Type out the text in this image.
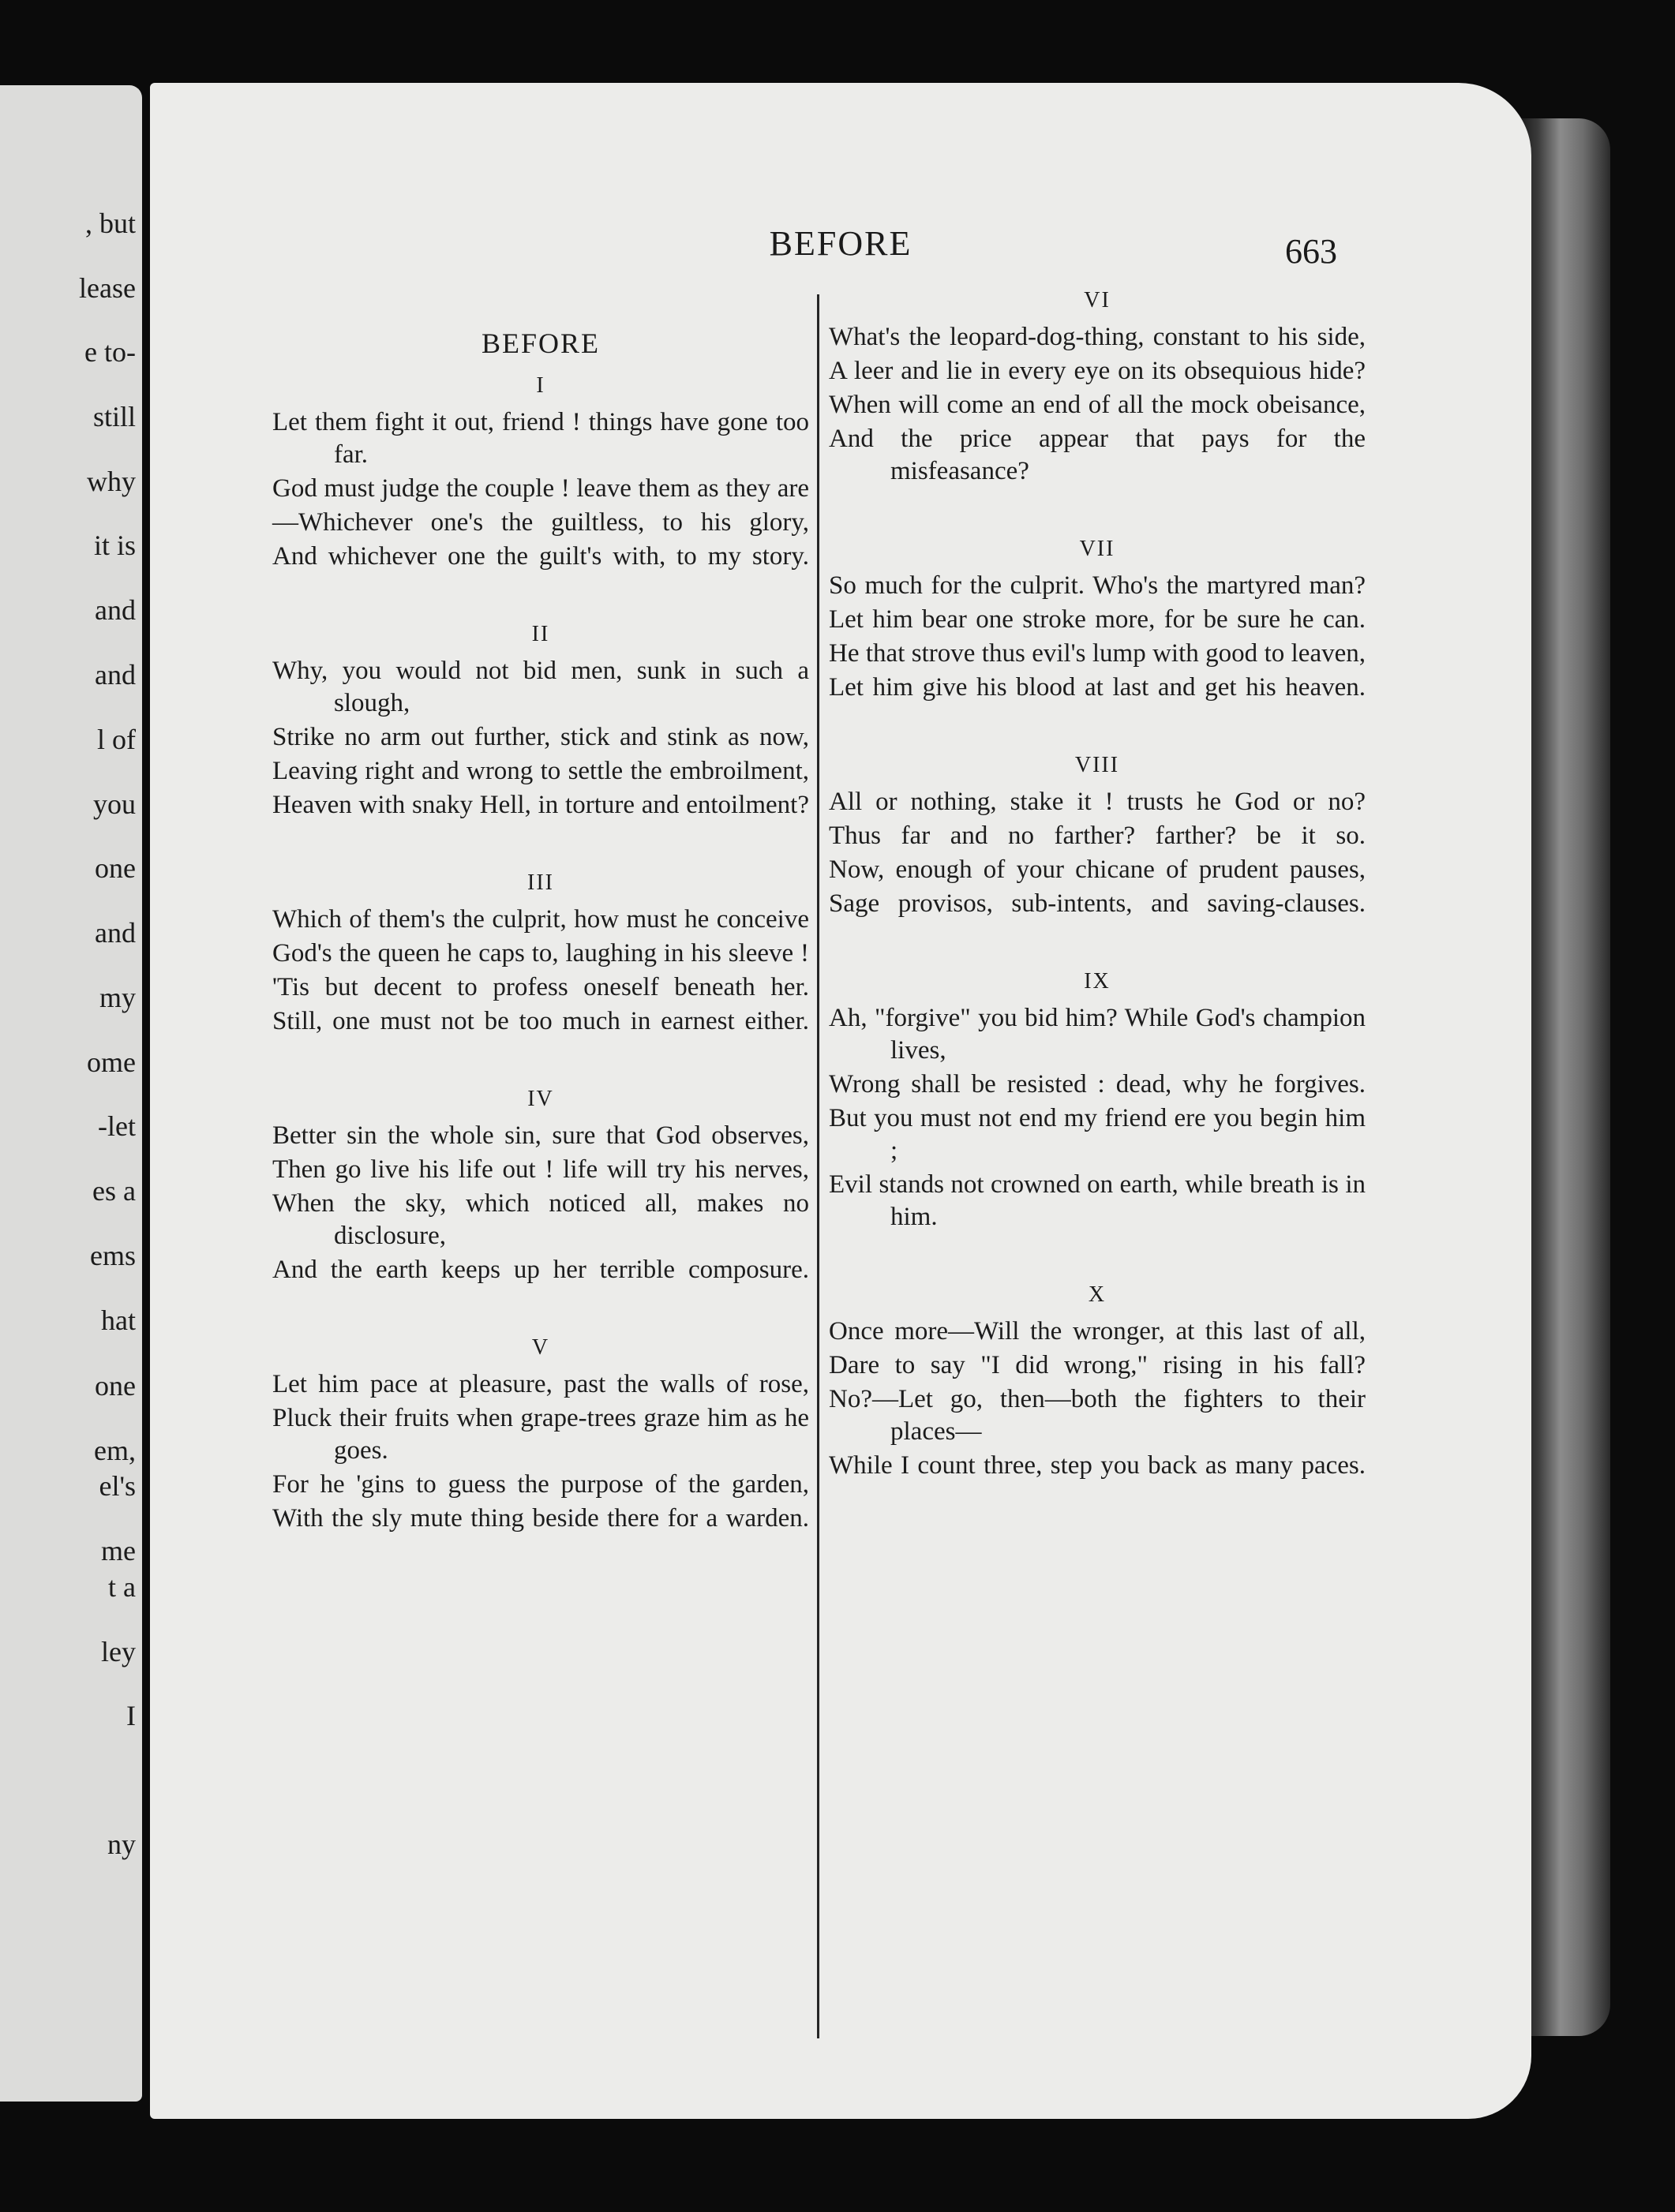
, but
lease
e to-
still
why
it is
and
and
l of
you
one
and
my
ome
-let
es a
ems
hat
one
em,
el's
me
t a
ley
I
ny
BEFORE	663
BEFORE
I
Let them fight it out, friend ! things have gone too far.
God must judge the couple ! leave them as they are
—Whichever one's the guiltless, to his glory,
And whichever one the guilt's with, to my story.
II
Why, you would not bid men, sunk in such a slough,
Strike no arm out further, stick and stink as now,
Leaving right and wrong to settle the embroilment,
Heaven with snaky Hell, in torture and entoilment?
III
Which of them's the culprit, how must he conceive
God's the queen he caps to, laughing in his sleeve !
'Tis but decent to profess oneself beneath her.
Still, one must not be too much in earnest either.
IV
Better sin the whole sin, sure that God observes,
Then go live his life out ! life will try his nerves,
When the sky, which noticed all, makes no disclosure,
And the earth keeps up her terrible composure.
V
Let him pace at pleasure, past the walls of rose,
Pluck their fruits when grape-trees graze him as he goes.
For he 'gins to guess the purpose of the garden,
With the sly mute thing beside there for a warden.
VI
What's the leopard-dog-thing, constant to his side,
A leer and lie in every eye on its obsequious hide?
When will come an end of all the mock obeisance,
And the price appear that pays for the misfeasance?
VII
So much for the culprit. Who's the martyred man?
Let him bear one stroke more, for be sure he can.
He that strove thus evil's lump with good to leaven,
Let him give his blood at last and get his heaven.
VIII
All or nothing, stake it ! trusts he God or no?
Thus far and no farther? farther? be it so.
Now, enough of your chicane of prudent pauses,
Sage provisos, sub-intents, and saving-clauses.
IX
Ah, "forgive" you bid him? While God's champion lives,
Wrong shall be resisted : dead, why he forgives.
But you must not end my friend ere you begin him ;
Evil stands not crowned on earth, while breath is in him.
X
Once more—Will the wronger, at this last of all,
Dare to say "I did wrong," rising in his fall?
No?—Let go, then—both the fighters to their places—
While I count three, step you back as many paces.
